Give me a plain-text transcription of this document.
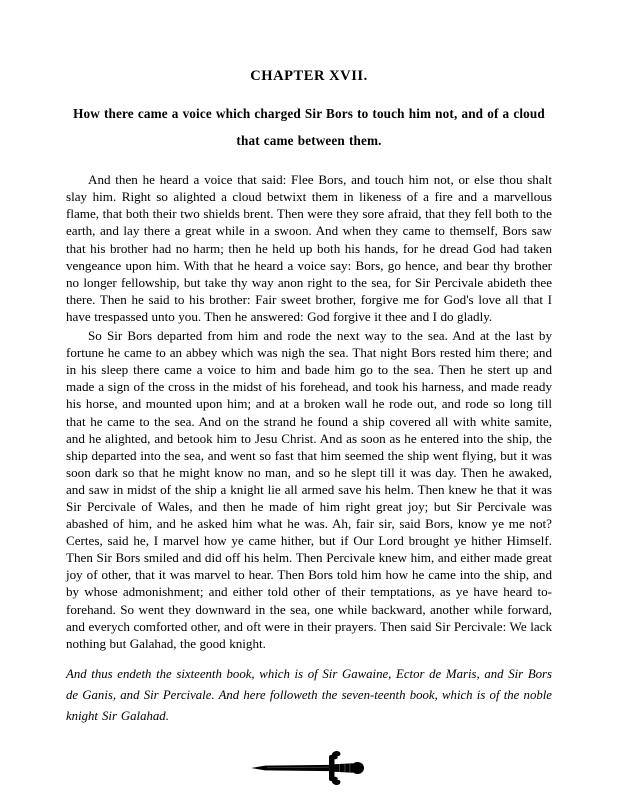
CHAPTER XVII.
How there came a voice which charged Sir Bors to touch him not, and of a cloud that came between them.

And then he heard a voice that said: Flee Bors, and touch him not, or else thou shalt slay him. Right so alighted a cloud betwixt them in likeness of a fire and a marvellous flame, that both their two shields brent. Then were they sore afraid, that they fell both to the earth, and lay there a great while in a swoon. And when they came to themself, Bors saw that his brother had no harm; then he held up both his hands, for he dread God had taken vengeance upon him. With that he heard a voice say: Bors, go hence, and bear thy brother no longer fellowship, but take thy way anon right to the sea, for Sir Percivale abideth thee there. Then he said to his brother: Fair sweet brother, forgive me for God's love all that I have trespassed unto you. Then he answered: God forgive it thee and I do gladly.

So Sir Bors departed from him and rode the next way to the sea. And at the last by fortune he came to an abbey which was nigh the sea. That night Bors rested him there; and in his sleep there came a voice to him and bade him go to the sea. Then he stert up and made a sign of the cross in the midst of his forehead, and took his harness, and made ready his horse, and mounted upon him; and at a broken wall he rode out, and rode so long till that he came to the sea. And on the strand he found a ship covered all with white samite, and he alighted, and betook him to Jesu Christ. And as soon as he entered into the ship, the ship departed into the sea, and went so fast that him seemed the ship went flying, but it was soon dark so that he might know no man, and so he slept till it was day. Then he awaked, and saw in midst of the ship a knight lie all armed save his helm. Then knew he that it was Sir Percivale of Wales, and then he made of him right great joy; but Sir Percivale was abashed of him, and he asked him what he was. Ah, fair sir, said Bors, know ye me not? Certes, said he, I marvel how ye came hither, but if Our Lord brought ye hither Himself. Then Sir Bors smiled and did off his helm. Then Percivale knew him, and either made great joy of other, that it was marvel to hear. Then Bors told him how he came into the ship, and by whose admonishment; and either told other of their temptations, as ye have heard to-forehand. So went they downward in the sea, one while backward, another while forward, and everych comforted other, and oft were in their prayers. Then said Sir Percivale: We lack nothing but Galahad, the good knight.

And thus endeth the sixteenth book, which is of Sir Gawaine, Ector de Maris, and Sir Bors de Ganis, and Sir Percivale. And here followeth the seven-teenth book, which is of the noble knight Sir Galahad.
